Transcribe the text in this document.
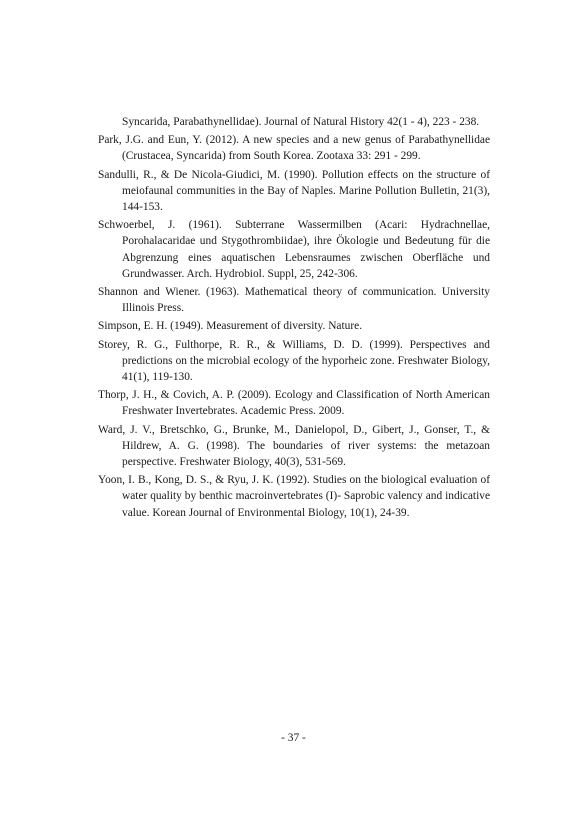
Syncarida, Parabathynellidae). Journal of Natural History 42(1 - 4), 223 - 238.

Park, J.G. and Eun, Y. (2012). A new species and a new genus of Parabathynellidae (Crustacea, Syncarida) from South Korea. Zootaxa 33: 291 - 299.

Sandulli, R., & De Nicola-Giudici, M. (1990). Pollution effects on the structure of meiofaunal communities in the Bay of Naples. Marine Pollution Bulletin, 21(3), 144-153.

Schwoerbel, J. (1961). Subterrane Wassermilben (Acari: Hydrachnellae, Porohalacaridae und Stygothrombiidae), ihre Ökologie und Bedeutung für die Abgrenzung eines aquatischen Lebensraumes zwischen Oberfläche und Grundwasser. Arch. Hydrobiol. Suppl, 25, 242-306.

Shannon and Wiener. (1963). Mathematical theory of communication. University Illinois Press.

Simpson, E. H. (1949). Measurement of diversity. Nature.

Storey, R. G., Fulthorpe, R. R., & Williams, D. D. (1999). Perspectives and predictions on the microbial ecology of the hyporheic zone. Freshwater Biology, 41(1), 119-130.

Thorp, J. H., & Covich, A. P. (2009). Ecology and Classification of North American Freshwater Invertebrates. Academic Press. 2009.

Ward, J. V., Bretschko, G., Brunke, M., Danielopol, D., Gibert, J., Gonser, T., & Hildrew, A. G. (1998). The boundaries of river systems: the metazoan perspective. Freshwater Biology, 40(3), 531-569.

Yoon, I. B., Kong, D. S., & Ryu, J. K. (1992). Studies on the biological evaluation of water quality by benthic macroinvertebrates (I)- Saprobic valency and indicative value. Korean Journal of Environmental Biology, 10(1), 24-39.

- 37 -
